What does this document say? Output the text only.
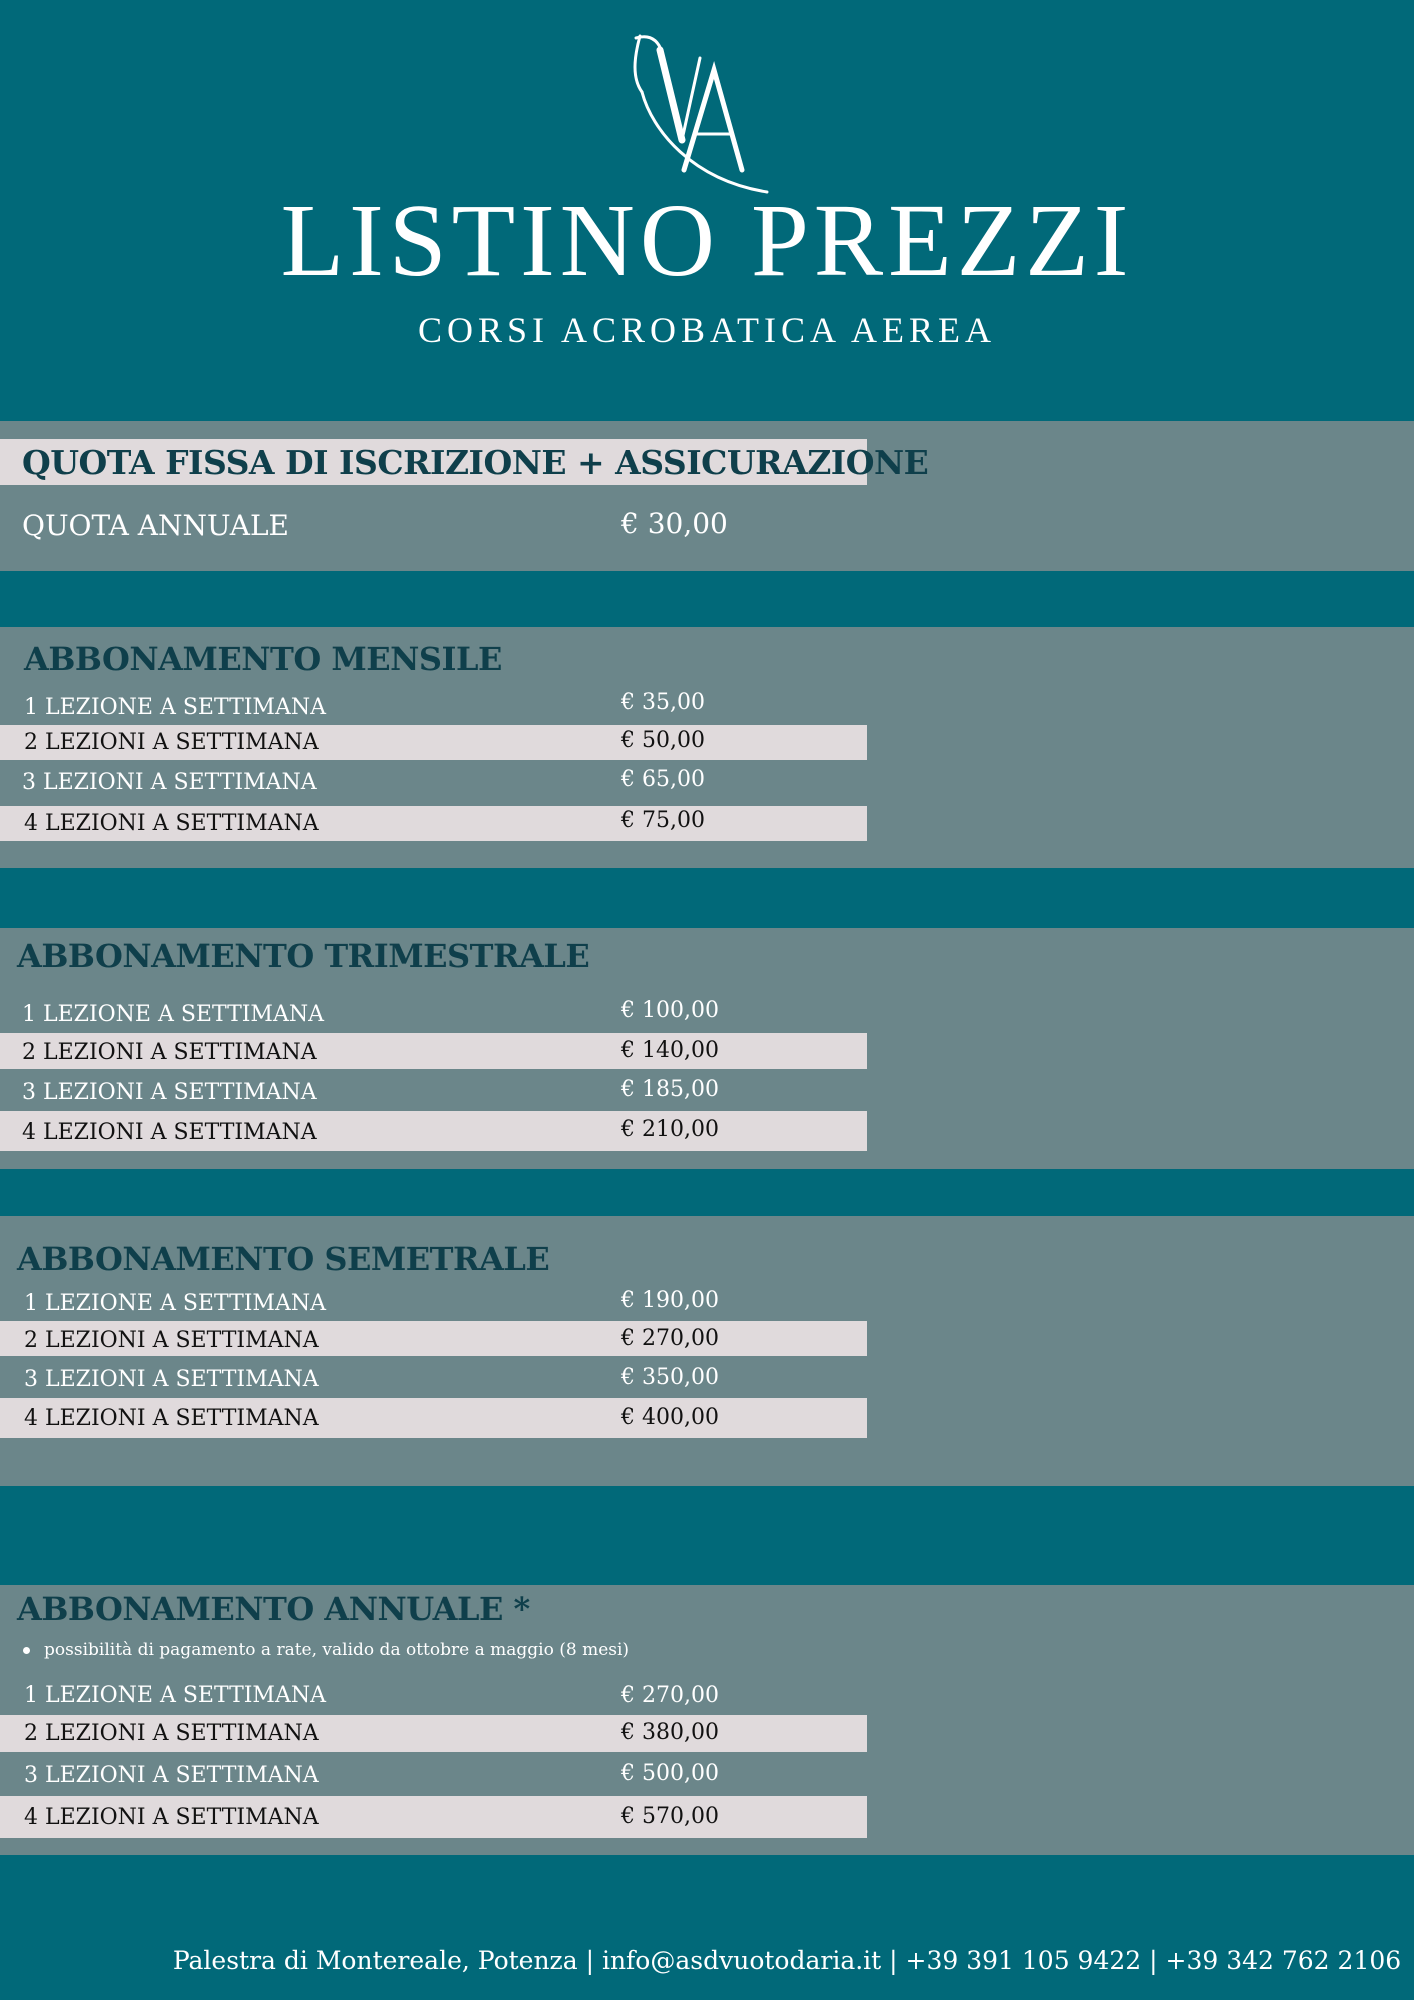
LISTINO PREZZI
CORSI ACROBATICA AEREA
QUOTA FISSA DI ISCRIZIONE + ASSICURAZIONE
QUOTA ANNUALE	€ 30,00
ABBONAMENTO MENSILE
1 LEZIONE A SETTIMANA	€ 35,00
2 LEZIONI A SETTIMANA	€ 50,00
3 LEZIONI A SETTIMANA	€ 65,00
4 LEZIONI A SETTIMANA	€ 75,00
ABBONAMENTO TRIMESTRALE
1 LEZIONE A SETTIMANA	€ 100,00
2 LEZIONI A SETTIMANA	€ 140,00
3 LEZIONI A SETTIMANA	€ 185,00
4 LEZIONI A SETTIMANA	€ 210,00
ABBONAMENTO SEMETRALE
1 LEZIONE A SETTIMANA	€ 190,00
2 LEZIONI A SETTIMANA	€ 270,00
3 LEZIONI A SETTIMANA	€ 350,00
4 LEZIONI A SETTIMANA	€ 400,00
ABBONAMENTO ANNUALE *
possibilità di pagamento a rate, valido da ottobre a maggio (8 mesi)
1 LEZIONE A SETTIMANA	€ 270,00
2 LEZIONI A SETTIMANA	€ 380,00
3 LEZIONI A SETTIMANA	€ 500,00
4 LEZIONI A SETTIMANA	€ 570,00
Palestra di Montereale, Potenza | info@asdvuotodaria.it | +39 391 105 9422 | +39 342 762 2106
